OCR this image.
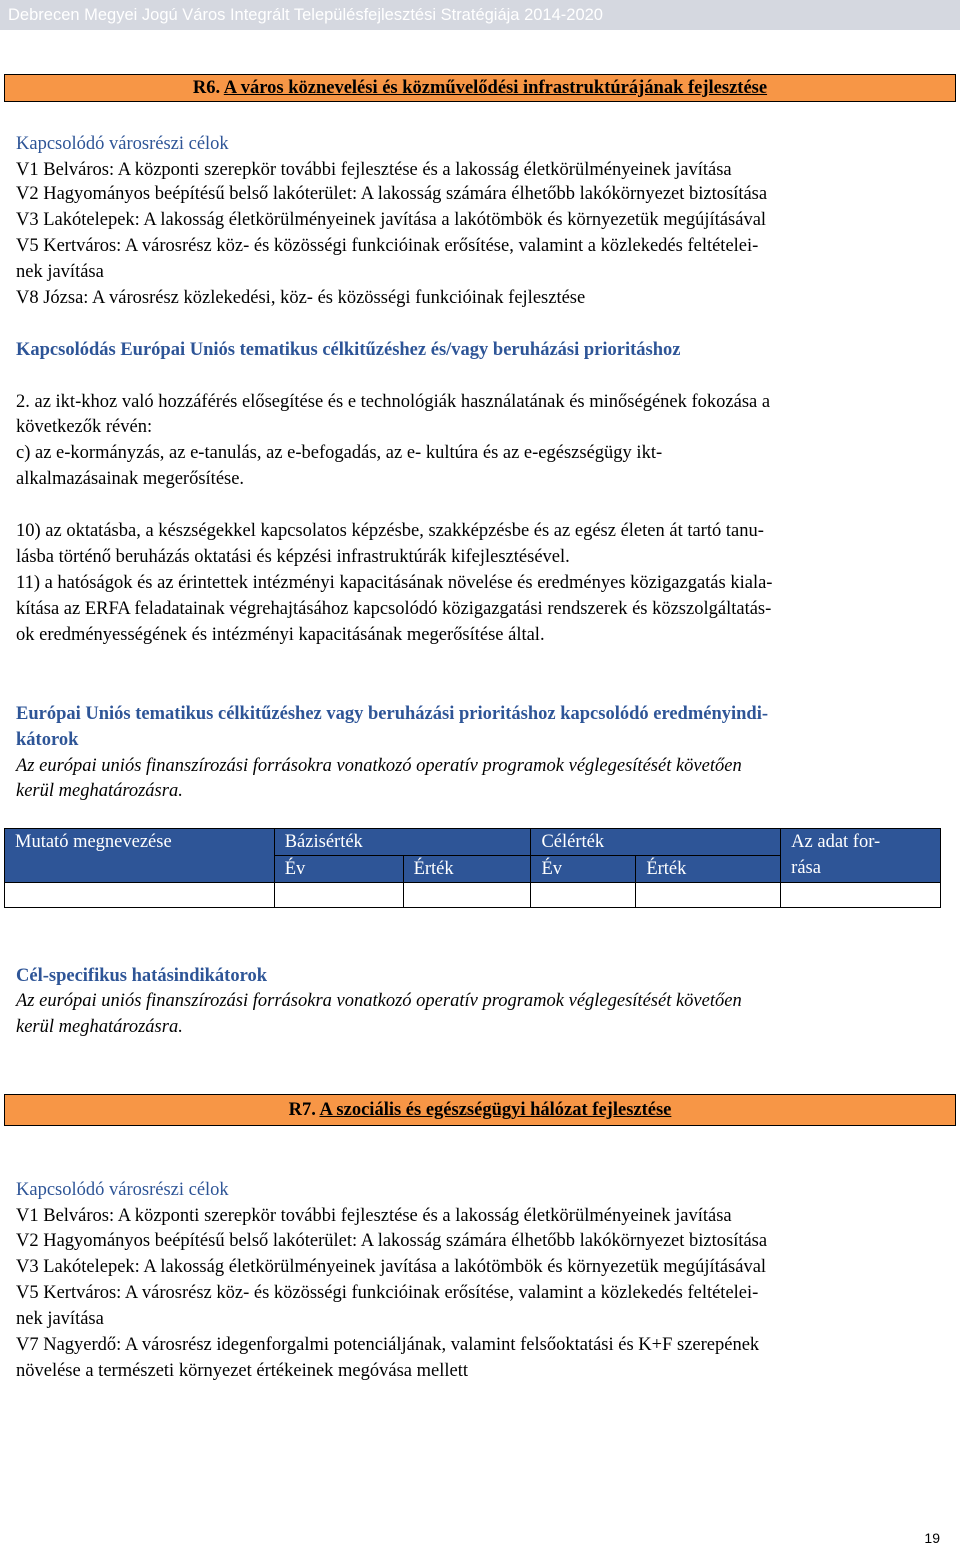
Debrecen Megyei Jogú Város Integrált Településfejlesztési Stratégiája 2014-2020
R6. A város köznevelési és közművelődési infrastruktúrájának fejlesztése
Kapcsolódó városrészi célok
V1 Belváros: A központi szerepkör további fejlesztése és a lakosság életkörülményeinek javítása
V2 Hagyományos beépítésű belső lakóterület: A lakosság számára élhetőbb lakókörnyezet biztosítása
V3 Lakótelepek: A lakosság életkörülményeinek javítása a lakótömbök és környezetük megújításával
V5 Kertváros: A városrész köz- és közösségi funkcióinak erősítése, valamint a közlekedés feltételei-
nek javítása
V8 Józsa: A városrész közlekedési, köz- és közösségi funkcióinak fejlesztése
Kapcsolódás Európai Uniós tematikus célkitűzéshez és/vagy beruházási prioritáshoz
2. az ikt-khoz való hozzáférés elősegítése és e technológiák használatának és minőségének fokozása a
következők révén:
c) az e-kormányzás, az e-tanulás, az e-befogadás, az e- kultúra és az e-egészségügy ikt-
alkalmazásainak megerősítése.
10) az oktatásba, a készségekkel kapcsolatos képzésbe, szakképzésbe és az egész életen át tartó tanu-
lásba történő beruházás oktatási és képzési infrastruktúrák kifejlesztésével.
11) a hatóságok és az érintettek intézményi kapacitásának növelése és eredményes közigazgatás kiala-
kítása az ERFA feladatainak végrehajtásához kapcsolódó közigazgatási rendszerek és közszolgáltatás-
ok eredményességének és intézményi kapacitásának megerősítése által.
Európai Uniós tematikus célkitűzéshez vagy beruházási prioritáshoz kapcsolódó eredményindi-
kátorok
Az európai uniós finanszírozási forrásokra vonatkozó operatív programok véglegesítését követően
kerül meghatározásra.
Mutató megnevezése	Bázisérték		Célérték		Az adat for-
rása

	Év	Érték	Év	Érték	

Cél-specifikus hatásindikátorok
Az európai uniós finanszírozási forrásokra vonatkozó operatív programok véglegesítését követően
kerül meghatározásra.
R7. A szociális és egészségügyi hálózat fejlesztése
Kapcsolódó városrészi célok
V1 Belváros: A központi szerepkör további fejlesztése és a lakosság életkörülményeinek javítása
V2 Hagyományos beépítésű belső lakóterület: A lakosság számára élhetőbb lakókörnyezet biztosítása
V3 Lakótelepek: A lakosság életkörülményeinek javítása a lakótömbök és környezetük megújításával
V5 Kertváros: A városrész köz- és közösségi funkcióinak erősítése, valamint a közlekedés feltételei-
nek javítása
V7 Nagyerdő: A városrész idegenforgalmi potenciáljának, valamint felsőoktatási és K+F szerepének
növelése a természeti környezet értékeinek megóvása mellett
19
